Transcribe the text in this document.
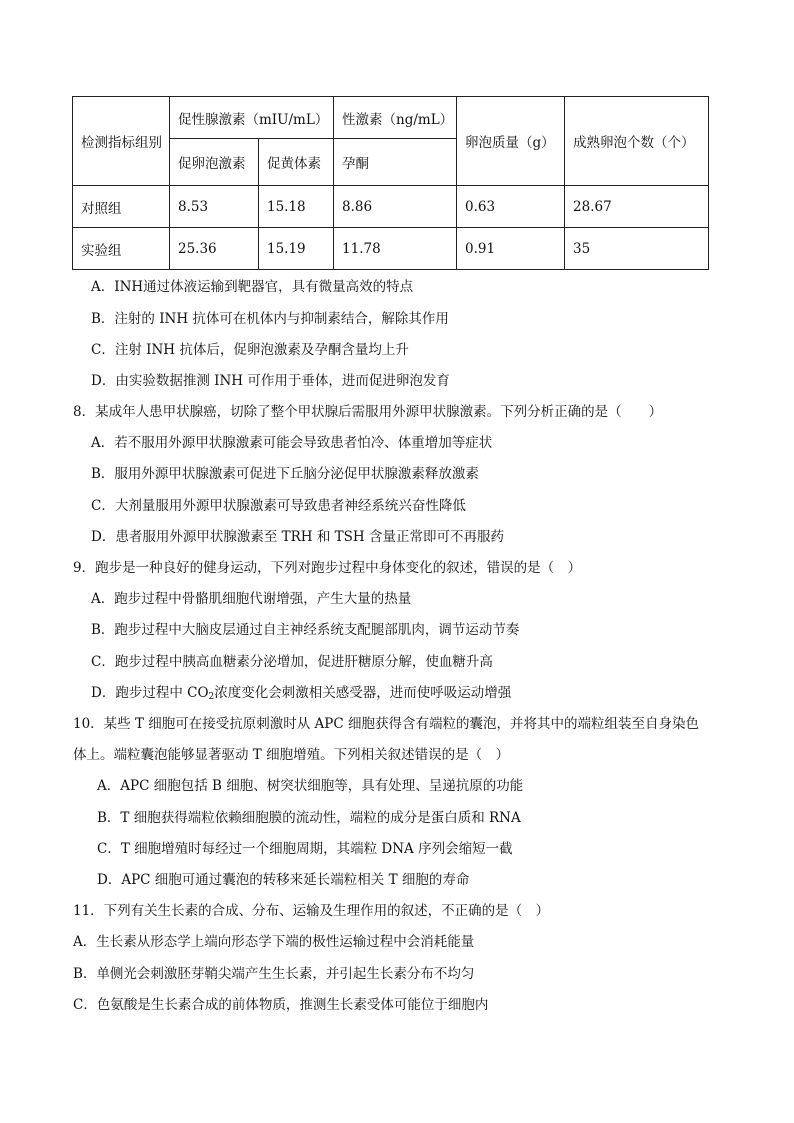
检测指标组别	促性腺激素（mIU/mL）		性激素（ng/mL）	卵泡质量（g）	成熟卵泡个数（个）
	促卵泡激素	促黄体素	孕酮		
对照组	8.53	15.18	8.86	0.63	28.67
实验组	25.36	15.19	11.78	0.91	35
A．INH通过体液运输到靶器官，具有微量高效的特点
B．注射的 INH 抗体可在机体内与抑制素结合，解除其作用
C．注射 INH 抗体后，促卵泡激素及孕酮含量均上升
D．由实验数据推测 INH 可作用于垂体，进而促进卵泡发育
8．某成年人患甲状腺癌，切除了整个甲状腺后需服用外源甲状腺激素。下列分析正确的是（　　）
A．若不服用外源甲状腺激素可能会导致患者怕冷、体重增加等症状
B．服用外源甲状腺激素可促进下丘脑分泌促甲状腺激素释放激素
C．大剂量服用外源甲状腺激素可导致患者神经系统兴奋性降低
D．患者服用外源甲状腺激素至 TRH 和 TSH 含量正常即可不再服药
9．跑步是一种良好的健身运动，下列对跑步过程中身体变化的叙述，错误的是（　）
A．跑步过程中骨骼肌细胞代谢增强，产生大量的热量
B．跑步过程中大脑皮层通过自主神经系统支配腿部肌肉，调节运动节奏
C．跑步过程中胰高血糖素分泌增加，促进肝糖原分解，使血糖升高
D．跑步过程中 $CO_2$浓度变化会刺激相关感受器，进而使呼吸运动增强
10．某些 T 细胞可在接受抗原刺激时从 APC 细胞获得含有端粒的囊泡，并将其中的端粒组装至自身染色
体上。端粒囊泡能够显著驱动 T 细胞增殖。下列相关叙述错误的是（　）
A．APC 细胞包括 B 细胞、树突状细胞等，具有处理、呈递抗原的功能
B．T 细胞获得端粒依赖细胞膜的流动性，端粒的成分是蛋白质和 RNA
C．T 细胞增殖时每经过一个细胞周期，其端粒 DNA 序列会缩短一截
D．APC 细胞可通过囊泡的转移来延长端粒相关 T 细胞的寿命
11．下列有关生长素的合成、分布、运输及生理作用的叙述，不正确的是（　）
A．生长素从形态学上端向形态学下端的极性运输过程中会消耗能量
B．单侧光会刺激胚芽鞘尖端产生生长素，并引起生长素分布不均匀
C．色氨酸是生长素合成的前体物质，推测生长素受体可能位于细胞内
